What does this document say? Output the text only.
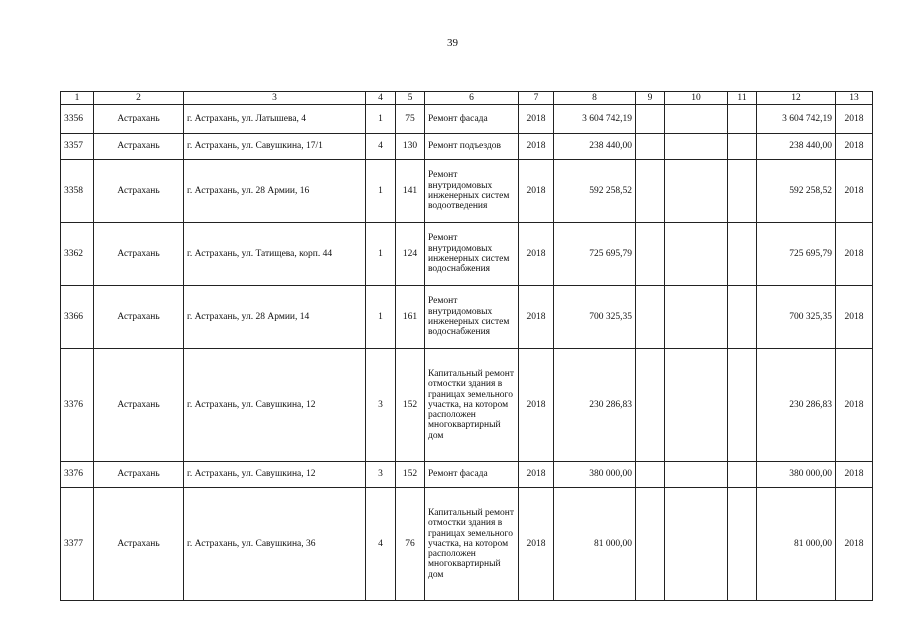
39
1	2	3	4	5	6	7	8	9	10	11	12	13
3356	Астрахань	г. Астрахань, ул. Латышева, 4	1	75	Ремонт фасада	2018	3 604 742,19				3 604 742,19	2018
3357	Астрахань	г. Астрахань, ул. Савушкина, 17/1	4	130	Ремонт подъездов	2018	238 440,00				238 440,00	2018
3358	Астрахань	г. Астрахань, ул. 28 Армии, 16	1	141	Ремонт внутридомовых инженерных систем водоотведения	2018	592 258,52				592 258,52	2018
3362	Астрахань	г. Астрахань, ул. Татищева, корп. 44	1	124	Ремонт внутридомовых инженерных систем водоснабжения	2018	725 695,79				725 695,79	2018
3366	Астрахань	г. Астрахань, ул. 28 Армии, 14	1	161	Ремонт внутридомовых инженерных систем водоснабжения	2018	700 325,35				700 325,35	2018
3376	Астрахань	г. Астрахань, ул. Савушкина, 12	3	152	Капитальный ремонт отмостки здания в границах земельного участка, на котором расположен многоквартирный дом	2018	230 286,83				230 286,83	2018
3376	Астрахань	г. Астрахань, ул. Савушкина, 12	3	152	Ремонт фасада	2018	380 000,00				380 000,00	2018
3377	Астрахань	г. Астрахань, ул. Савушкина, 36	4	76	Капитальный ремонт отмостки здания в границах земельного участка, на котором расположен многоквартирный дом	2018	81 000,00				81 000,00	2018
